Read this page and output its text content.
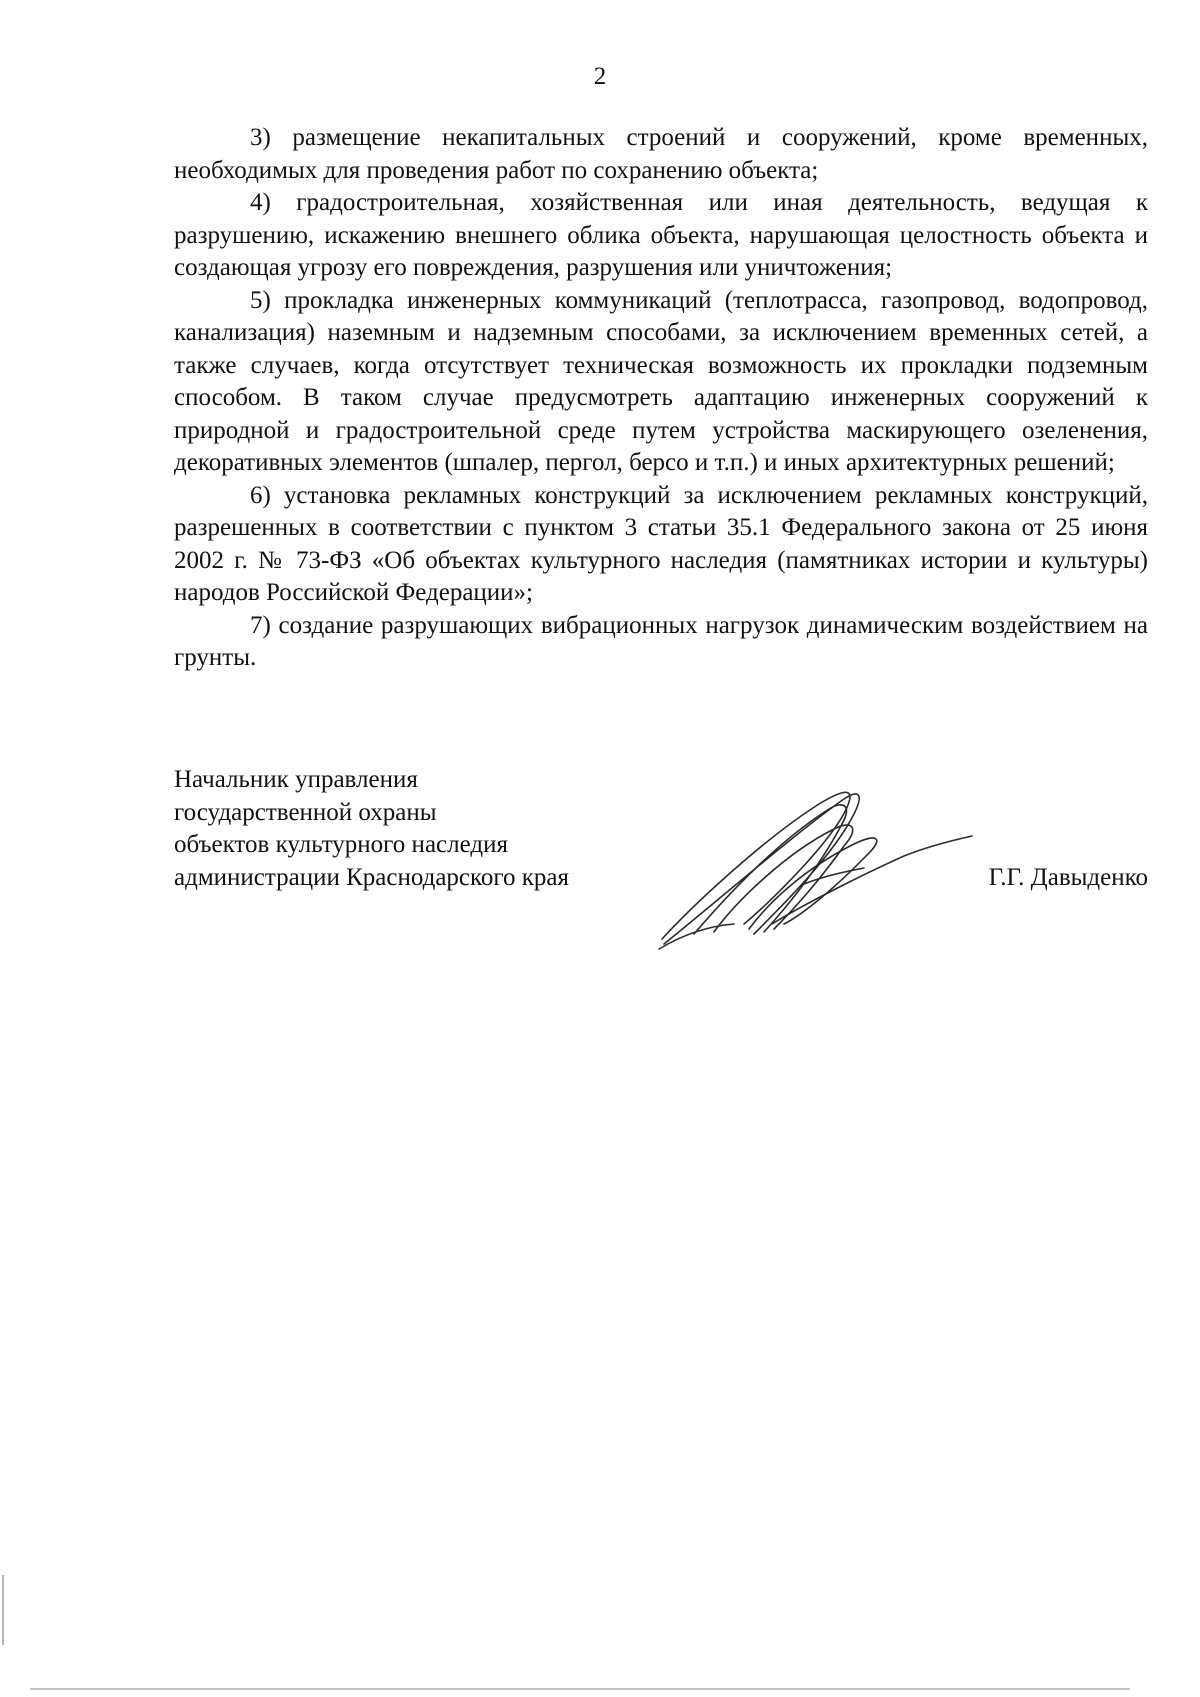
2

3) размещение некапитальных строений и сооружений, кроме временных, необходимых для проведения работ по сохранению объекта;

4) градостроительная, хозяйственная или иная деятельность, ведущая к разрушению, искажению внешнего облика объекта, нарушающая целостность объекта и создающая угрозу его повреждения, разрушения или уничтожения;

5) прокладка инженерных коммуникаций (теплотрасса, газопровод, водопровод, канализация) наземным и надземным способами, за исключением временных сетей, а также случаев, когда отсутствует техническая возможность их прокладки подземным способом. В таком случае предусмотреть адаптацию инженерных сооружений к природной и градостроительной среде путем устройства маскирующего озеленения, декоративных элементов (шпалер, пергол, берсо и т.п.) и иных архитектурных решений;

6) установка рекламных конструкций за исключением рекламных конструкций, разрешенных в соответствии с пунктом 3 статьи 35.1 Федерального закона от 25 июня 2002 г. № 73-ФЗ «Об объектах культурного наследия (памятниках истории и культуры) народов Российской Федерации»;

7) создание разрушающих вибрационных нагрузок динамическим воздействием на грунты.

Начальник управления
государственной охраны
объектов культурного наследия
администрации Краснодарского края	Г.Г. Давыденко
